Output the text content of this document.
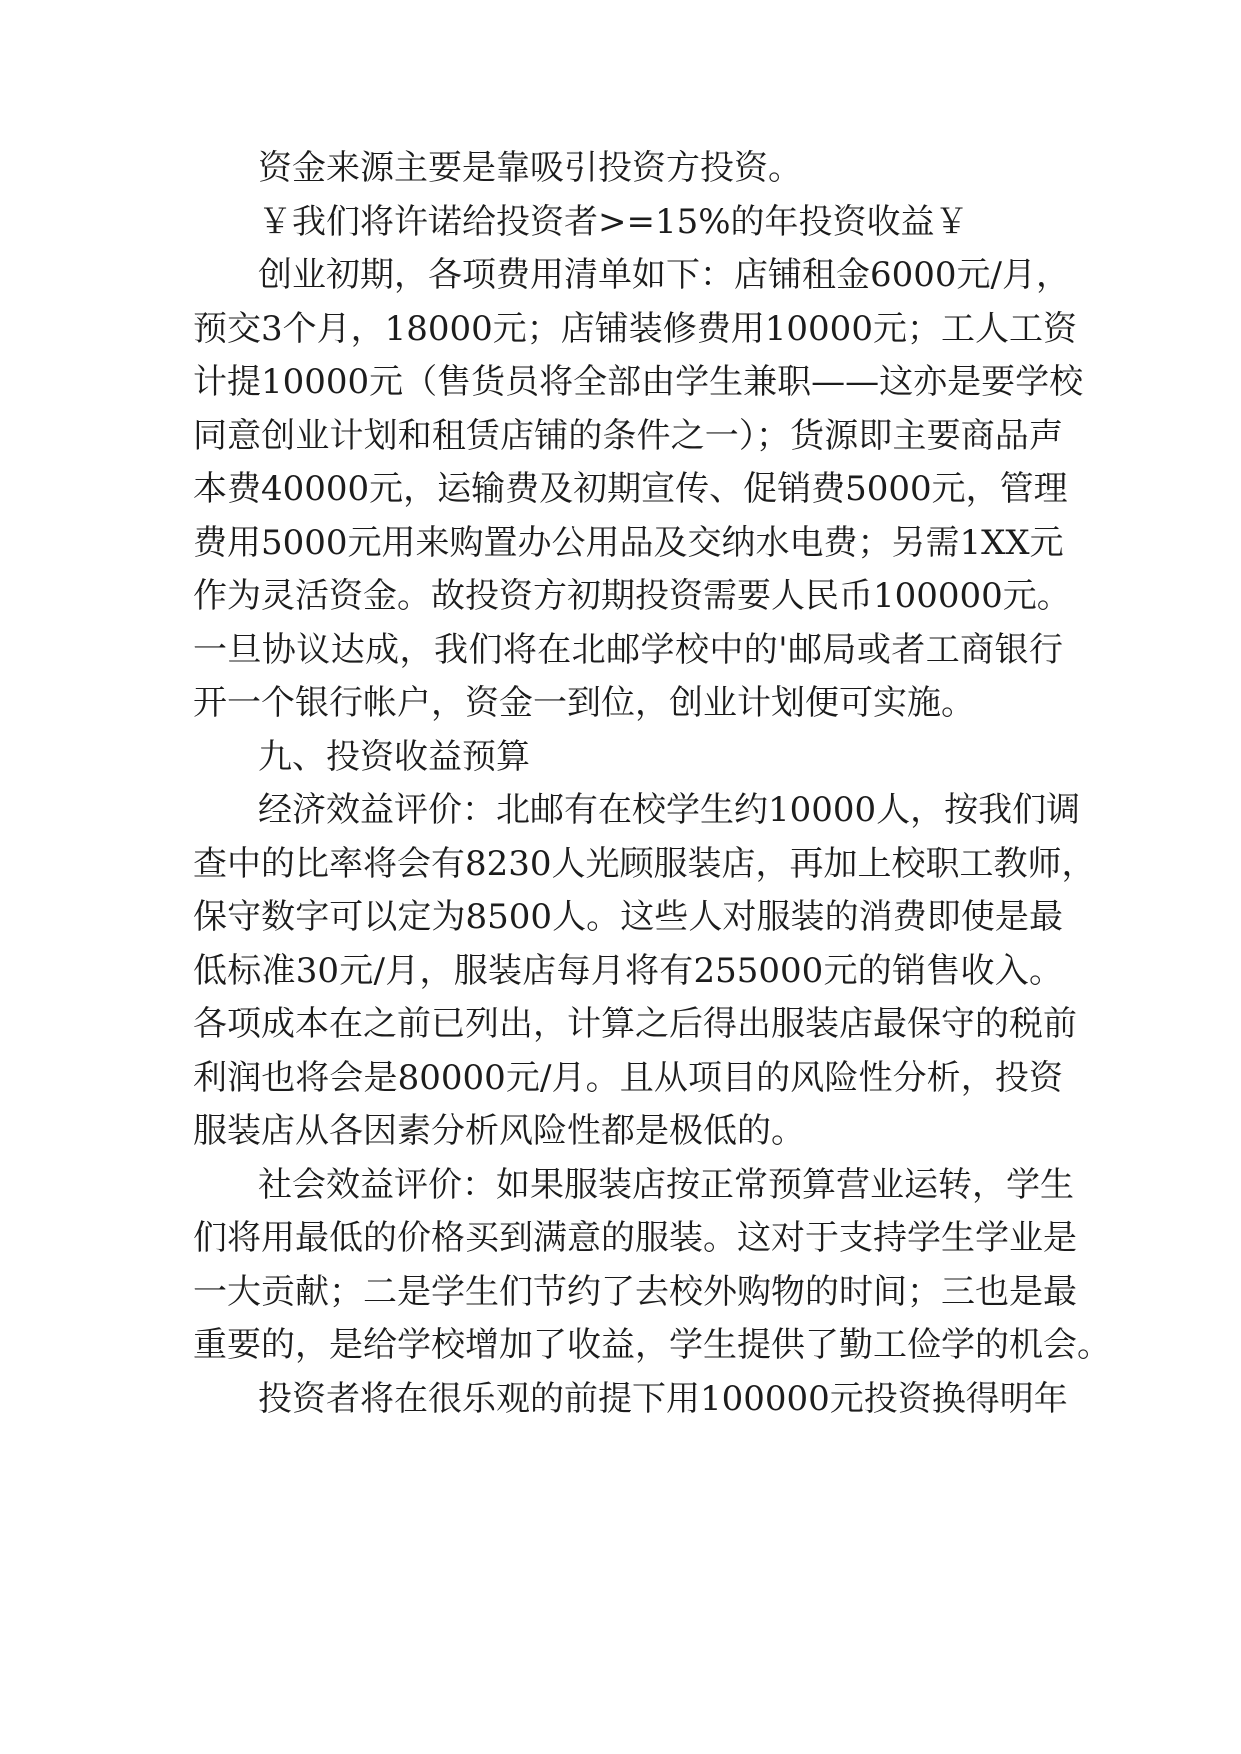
资金来源主要是靠吸引投资方投资。
￥我们将许诺给投资者>=15%的年投资收益￥
创业初期，各项费用清单如下：店铺租金6000元/月，
预交3个月，18000元；店铺装修费用10000元；工人工资
计提10000元（售货员将全部由学生兼职——这亦是要学校
同意创业计划和租赁店铺的条件之一）；货源即主要商品声
本费40000元，运输费及初期宣传、促销费5000元，管理
费用5000元用来购置办公用品及交纳水电费；另需1XX元
作为灵活资金。故投资方初期投资需要人民币100000元。
一旦协议达成，我们将在北邮学校中的'邮局或者工商银行
开一个银行帐户，资金一到位，创业计划便可实施。
九、投资收益预算
经济效益评价：北邮有在校学生约10000人，按我们调
查中的比率将会有8230人光顾服装店，再加上校职工教师，
保守数字可以定为8500人。这些人对服装的消费即使是最
低标准30元/月，服装店每月将有255000元的销售收入。
各项成本在之前已列出，计算之后得出服装店最保守的税前
利润也将会是80000元/月。且从项目的风险性分析，投资
服装店从各因素分析风险性都是极低的。
社会效益评价：如果服装店按正常预算营业运转，学生
们将用最低的价格买到满意的服装。这对于支持学生学业是
一大贡献；二是学生们节约了去校外购物的时间；三也是最
重要的，是给学校增加了收益，学生提供了勤工俭学的机会。
投资者将在很乐观的前提下用100000元投资换得明年
